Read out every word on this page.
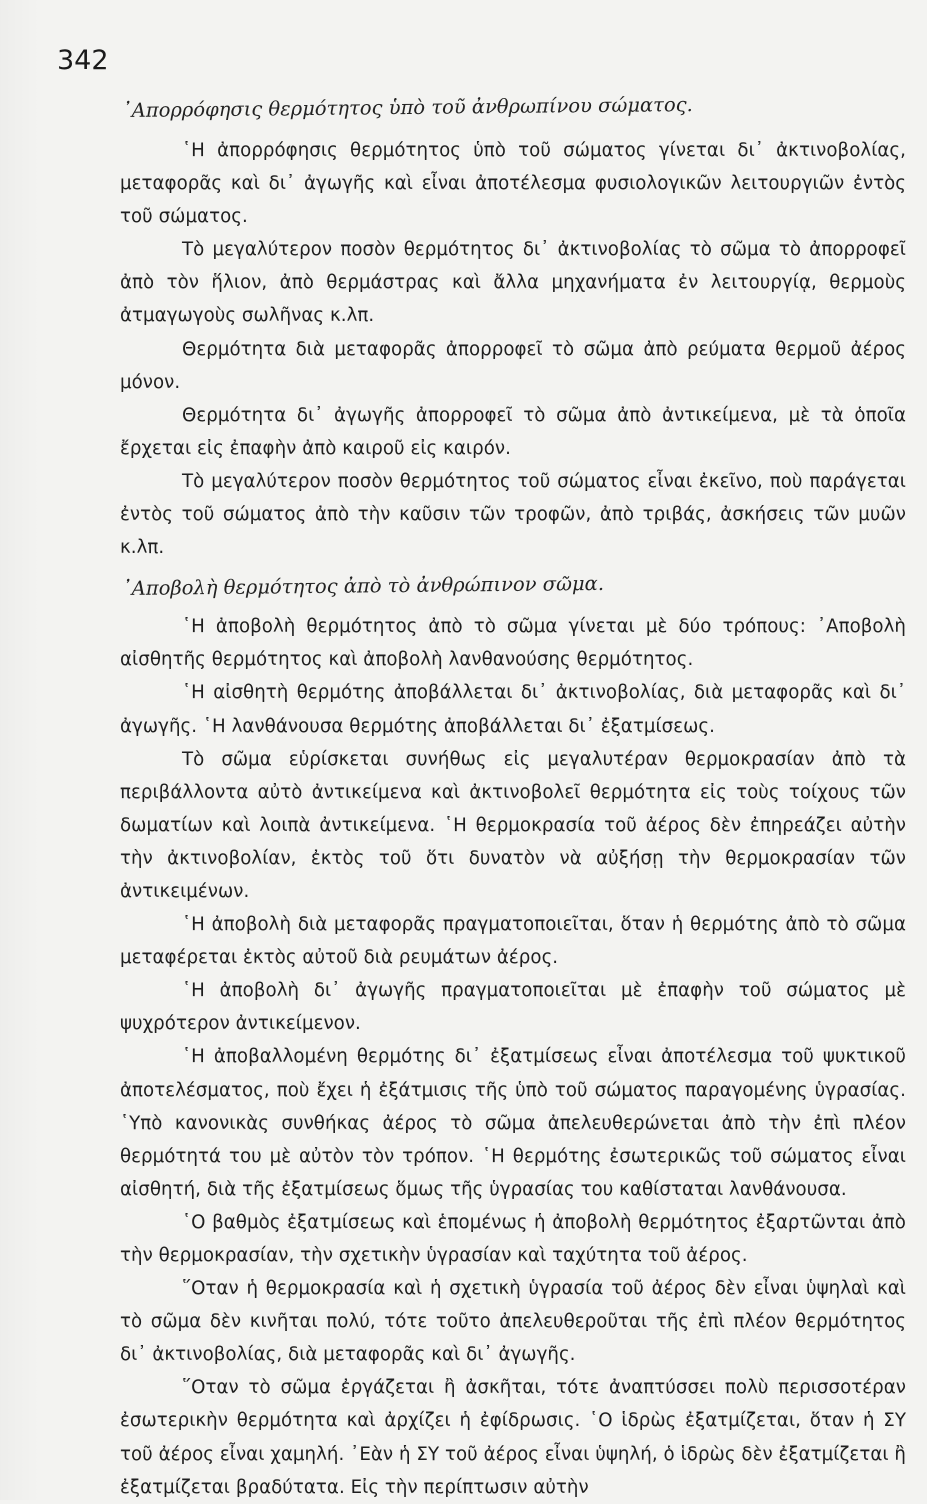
342
᾿Απορρόφησις θερμότητος ὑπὸ τοῦ ἀνθρωπίνου σώματος.

῾Η ἀπορρόφησις θερμότητος ὑπὸ τοῦ σώματος γίνεται δι᾿ ἀκτινοβολίας, μεταφορᾶς καὶ δι᾿ ἀγωγῆς καὶ εἶναι ἀποτέλεσμα φυσιολογικῶν λειτουργιῶν ἐντὸς τοῦ σώματος.

Τὸ μεγαλύτερον ποσὸν θερμότητος δι᾿ ἀκτινοβολίας τὸ σῶμα τὸ ἀπορροφεῖ ἀπὸ τὸν ἥλιον, ἀπὸ θερμάστρας καὶ ἄλλα μηχανήματα ἐν λειτουργίᾳ, θερμοὺς ἀτμαγωγοὺς σωλῆνας κ.λπ.

Θερμότητα διὰ μεταφορᾶς ἀπορροφεῖ τὸ σῶμα ἀπὸ ρεύματα θερμοῦ ἀέρος μόνον.

Θερμότητα δι᾿ ἀγωγῆς ἀπορροφεῖ τὸ σῶμα ἀπὸ ἀντικείμενα, μὲ τὰ ὁποῖα ἔρχεται εἰς ἐπαφὴν ἀπὸ καιροῦ εἰς καιρόν.

Τὸ μεγαλύτερον ποσὸν θερμότητος τοῦ σώματος εἶναι ἐκεῖνο, ποὺ παράγεται ἐντὸς τοῦ σώματος ἀπὸ τὴν καῦσιν τῶν τροφῶν, ἀπὸ τριβάς, ἀσκήσεις τῶν μυῶν κ.λπ.

᾿Αποβολὴ θερμότητος ἀπὸ τὸ ἀνθρώπινον σῶμα.

῾Η ἀποβολὴ θερμότητος ἀπὸ τὸ σῶμα γίνεται μὲ δύο τρόπους: ᾿Αποβολὴ αἰσθητῆς θερμότητος καὶ ἀποβολὴ λανθανούσης θερμότητος.

῾Η αἰσθητὴ θερμότης ἀποβάλλεται δι᾿ ἀκτινοβολίας, διὰ μεταφορᾶς καὶ δι᾿ ἀγωγῆς. ῾Η λανθάνουσα θερμότης ἀποβάλλεται δι᾿ ἐξατμίσεως.

Τὸ σῶμα εὑρίσκεται συνήθως εἰς μεγαλυτέραν θερμοκρασίαν ἀπὸ τὰ περιβάλλοντα αὐτὸ ἀντικείμενα καὶ ἀκτινοβολεῖ θερμότητα εἰς τοὺς τοίχους τῶν δωματίων καὶ λοιπὰ ἀντικείμενα. ῾Η θερμοκρασία τοῦ ἀέρος δὲν ἐπηρεάζει αὐτὴν τὴν ἀκτινοβολίαν, ἐκτὸς τοῦ ὅτι δυνατὸν νὰ αὐξήσῃ τὴν θερμοκρασίαν τῶν ἀντικειμένων.

῾Η ἀποβολὴ διὰ μεταφορᾶς πραγματοποιεῖται, ὅταν ἡ θερμότης ἀπὸ τὸ σῶμα μεταφέρεται ἐκτὸς αὐτοῦ διὰ ρευμάτων ἀέρος.

῾Η ἀποβολὴ δι᾿ ἀγωγῆς πραγματοποιεῖται μὲ ἐπαφὴν τοῦ σώματος μὲ ψυχρότερον ἀντικείμενον.

῾Η ἀποβαλλομένη θερμότης δι᾿ ἐξατμίσεως εἶναι ἀποτέλεσμα τοῦ ψυκτικοῦ ἀποτελέσματος, ποὺ ἔχει ἡ ἐξάτμισις τῆς ὑπὸ τοῦ σώματος παραγομένης ὑγρασίας. ῾Υπὸ κανονικὰς συνθήκας ἀέρος τὸ σῶμα ἀπελευθερώνεται ἀπὸ τὴν ἐπὶ πλέον θερμότητά του μὲ αὐτὸν τὸν τρόπον. ῾Η θερμότης ἐσωτερικῶς τοῦ σώματος εἶναι αἰσθητή, διὰ τῆς ἐξατμίσεως ὅμως τῆς ὑγρασίας του καθίσταται λανθάνουσα.

῾Ο βαθμὸς ἐξατμίσεως καὶ ἑπομένως ἡ ἀποβολὴ θερμότητος ἐξαρτῶνται ἀπὸ τὴν θερμοκρασίαν, τὴν σχετικὴν ὑγρασίαν καὶ ταχύτητα τοῦ ἀέρος.

῞Οταν ἡ θερμοκρασία καὶ ἡ σχετικὴ ὑγρασία τοῦ ἀέρος δὲν εἶναι ὑψηλαὶ καὶ τὸ σῶμα δὲν κινῆται πολύ, τότε τοῦτο ἀπελευθεροῦται τῆς ἐπὶ πλέον θερμότητος δι᾿ ἀκτινοβολίας, διὰ μεταφορᾶς καὶ δι᾿ ἀγωγῆς.

῞Οταν τὸ σῶμα ἐργάζεται ἢ ἀσκῆται, τότε ἀναπτύσσει πολὺ περισσοτέραν ἐσωτερικὴν θερμότητα καὶ ἀρχίζει ἡ ἐφίδρωσις. ῾Ο ἱδρὼς ἐξατμίζεται, ὅταν ἡ ΣΥ τοῦ ἀέρος εἶναι χαμηλή. ᾿Εὰν ἡ ΣΥ τοῦ ἀέρος εἶναι ὑψηλή, ὁ ἱδρὼς δὲν ἐξατμίζεται ἢ ἐξατμίζεται βραδύτατα. Εἰς τὴν περίπτωσιν αὐτὴν
